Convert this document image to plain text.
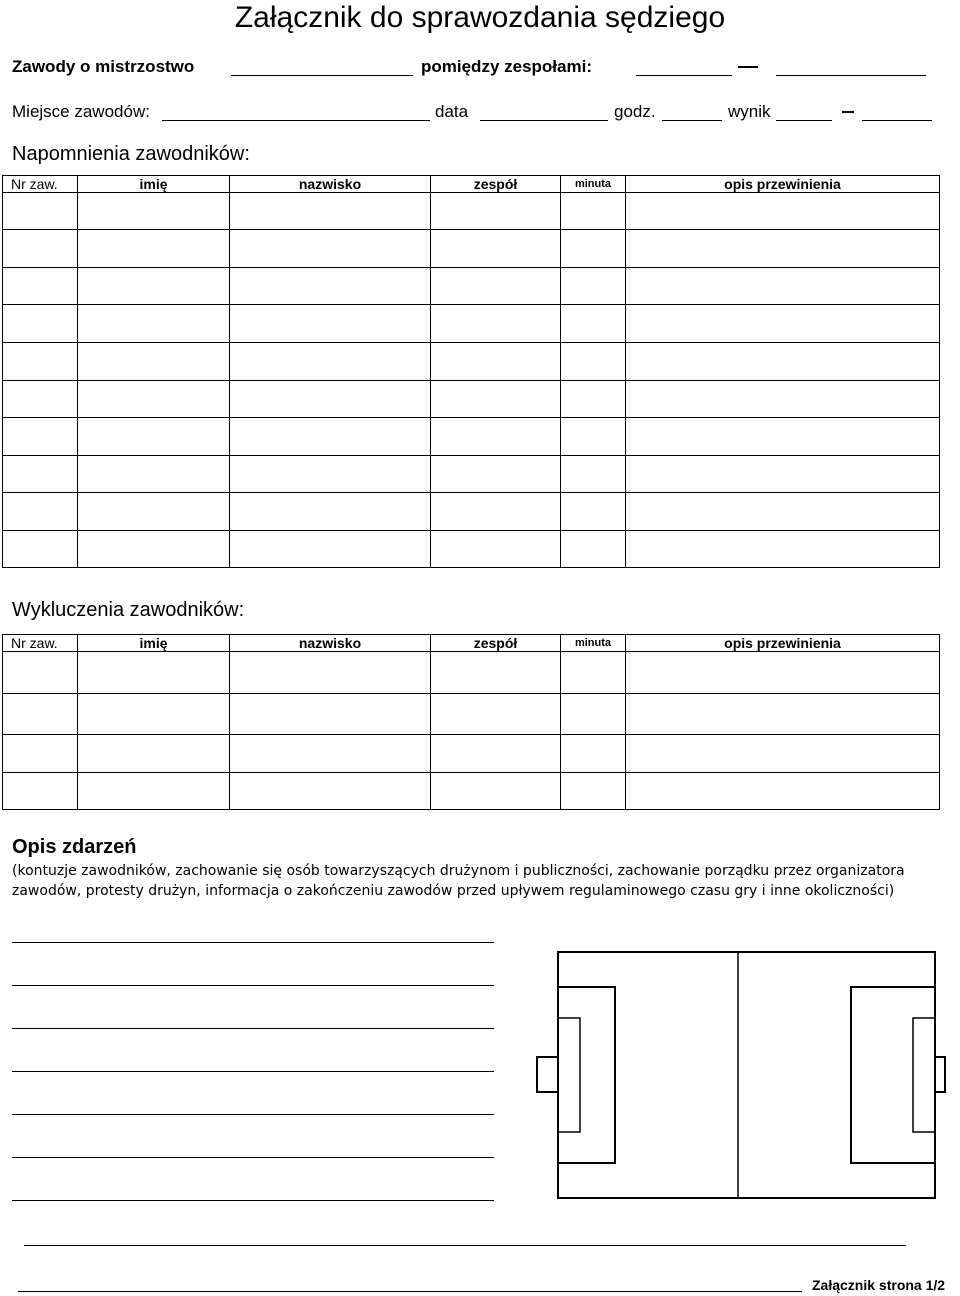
Załącznik do sprawozdania sędziego
Zawody o mistrzostwo	pomiędzy zespołami:
Miejsce zawodów:	data	godz.	wynik
Napomnienia zawodników:
Nr zaw.	imię	nazwisko	zespół	minuta	opis przewinienia

Wykluczenia zawodników:
Nr zaw.	imię	nazwisko	zespół	minuta	opis przewinienia

Opis zdarzeń
(kontuzje zawodników, zachowanie się osób towarzyszących drużynom i publiczności, zachowanie porządku przez organizatora zawodów, protesty drużyn, informacja o zakończeniu zawodów przed upływem regulaminowego czasu gry i inne okoliczności)
Załącznik strona 1/2
